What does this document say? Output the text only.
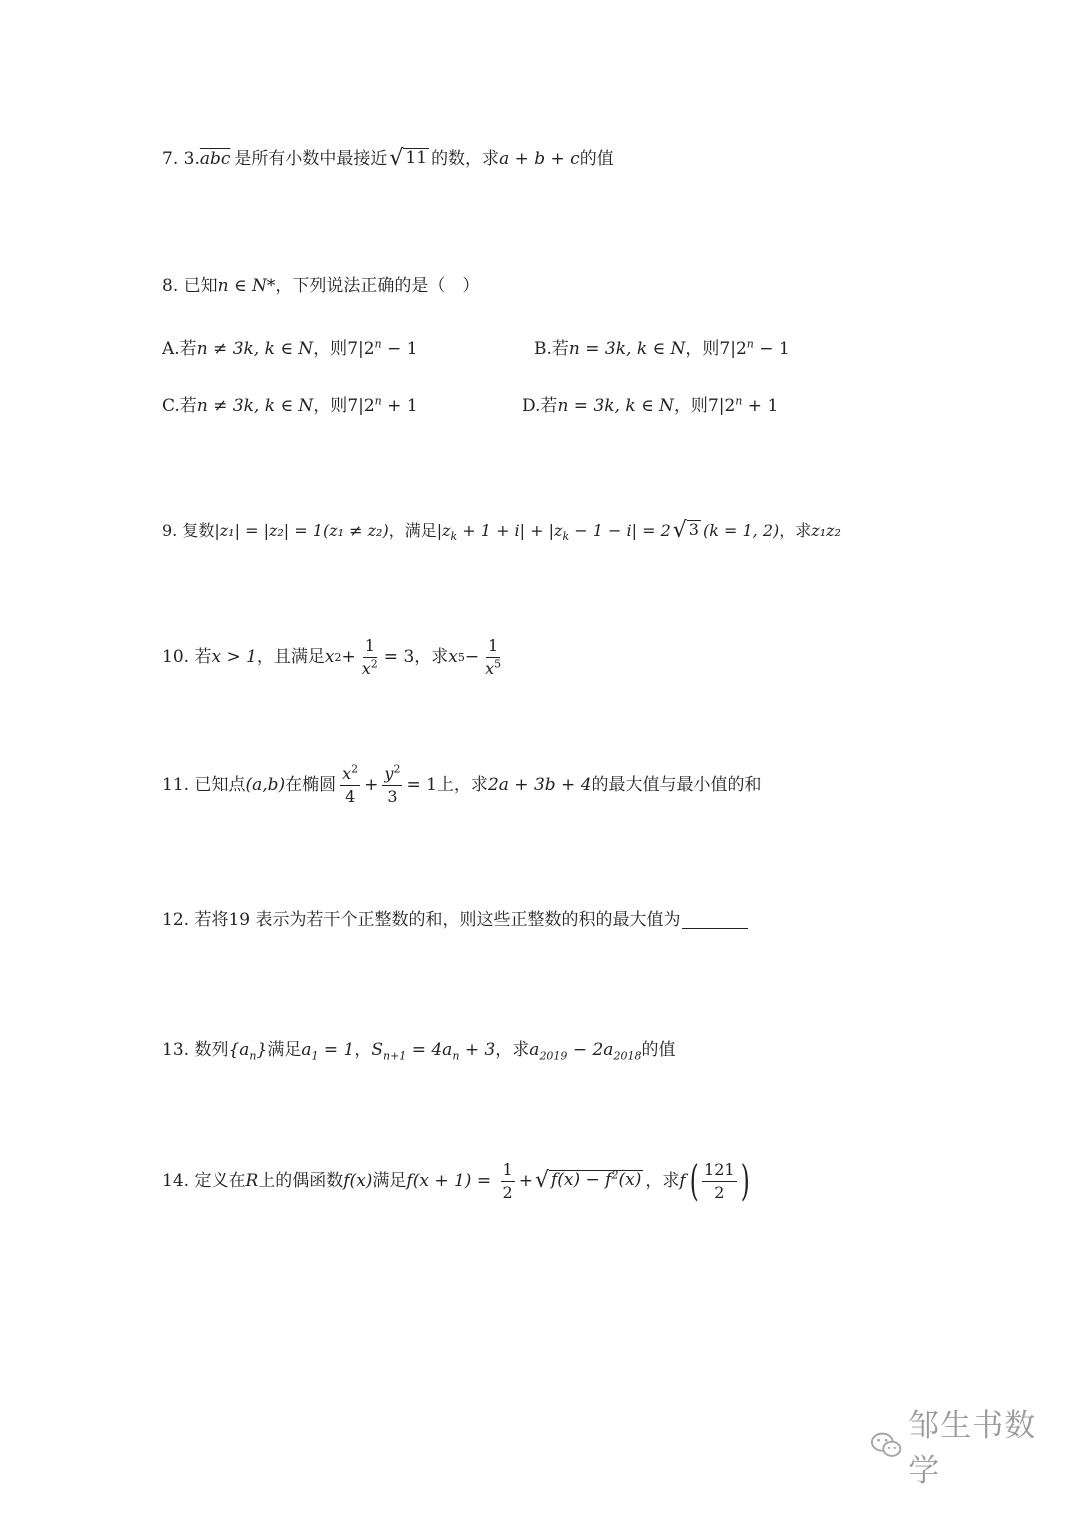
7. 3. $\overline{abc}$ 是所有小数中最接近 √ 11 的数，求 a + b + c 的值
8. 已知 n ∈ N* ，下列说法正确的是（　）
A.若n ≠ 3k, k ∈ N，则$7|2^n - 1$	B.若n = 3k, k ∈ N，则$7|2^n - 1$
C.若n ≠ 3k, k ∈ N，则$7|2^n + 1$	D.若n = 3k, k ∈ N，则$7|2^n + 1$
9. 复数 |z₁| = |z₂| = 1(z₁ ≠ z₂) ，满足 $|z_k + 1 + i| + |z_k - 1 - i| = 2$ √ 3 (k = 1, 2) ，求 z₁z₂
10. 若 x > 1 ，且满足 x $2 + \frac{1}{x^2} = 3$ ，求 x $5 - \frac{1}{x^5}$
11. 已知点 (a,b) 在椭圆 $\frac{x^2}{4} + \frac{y^2}{3} = 1$ 上，求 2a + 3b + 4 的最大值与最小值的和
12. 若将19 表示为若干个正整数的和，则这些正整数的积的最大值为
13. 数列 $\{a_n\}$ 满足 $a_1 = 1$ ， $S_{n+1} = 4a_n + 3$ ，求 $a_{2019} - 2a_{2018}$ 的值
14. 定义在 R 上的偶函数 f(x) 满足 $f(x + 1) = \frac{1}{2}$ + √ $f(x) - f^2(x)$ ，求 f ( $\frac{121}{2}$ )
邹生书数学
